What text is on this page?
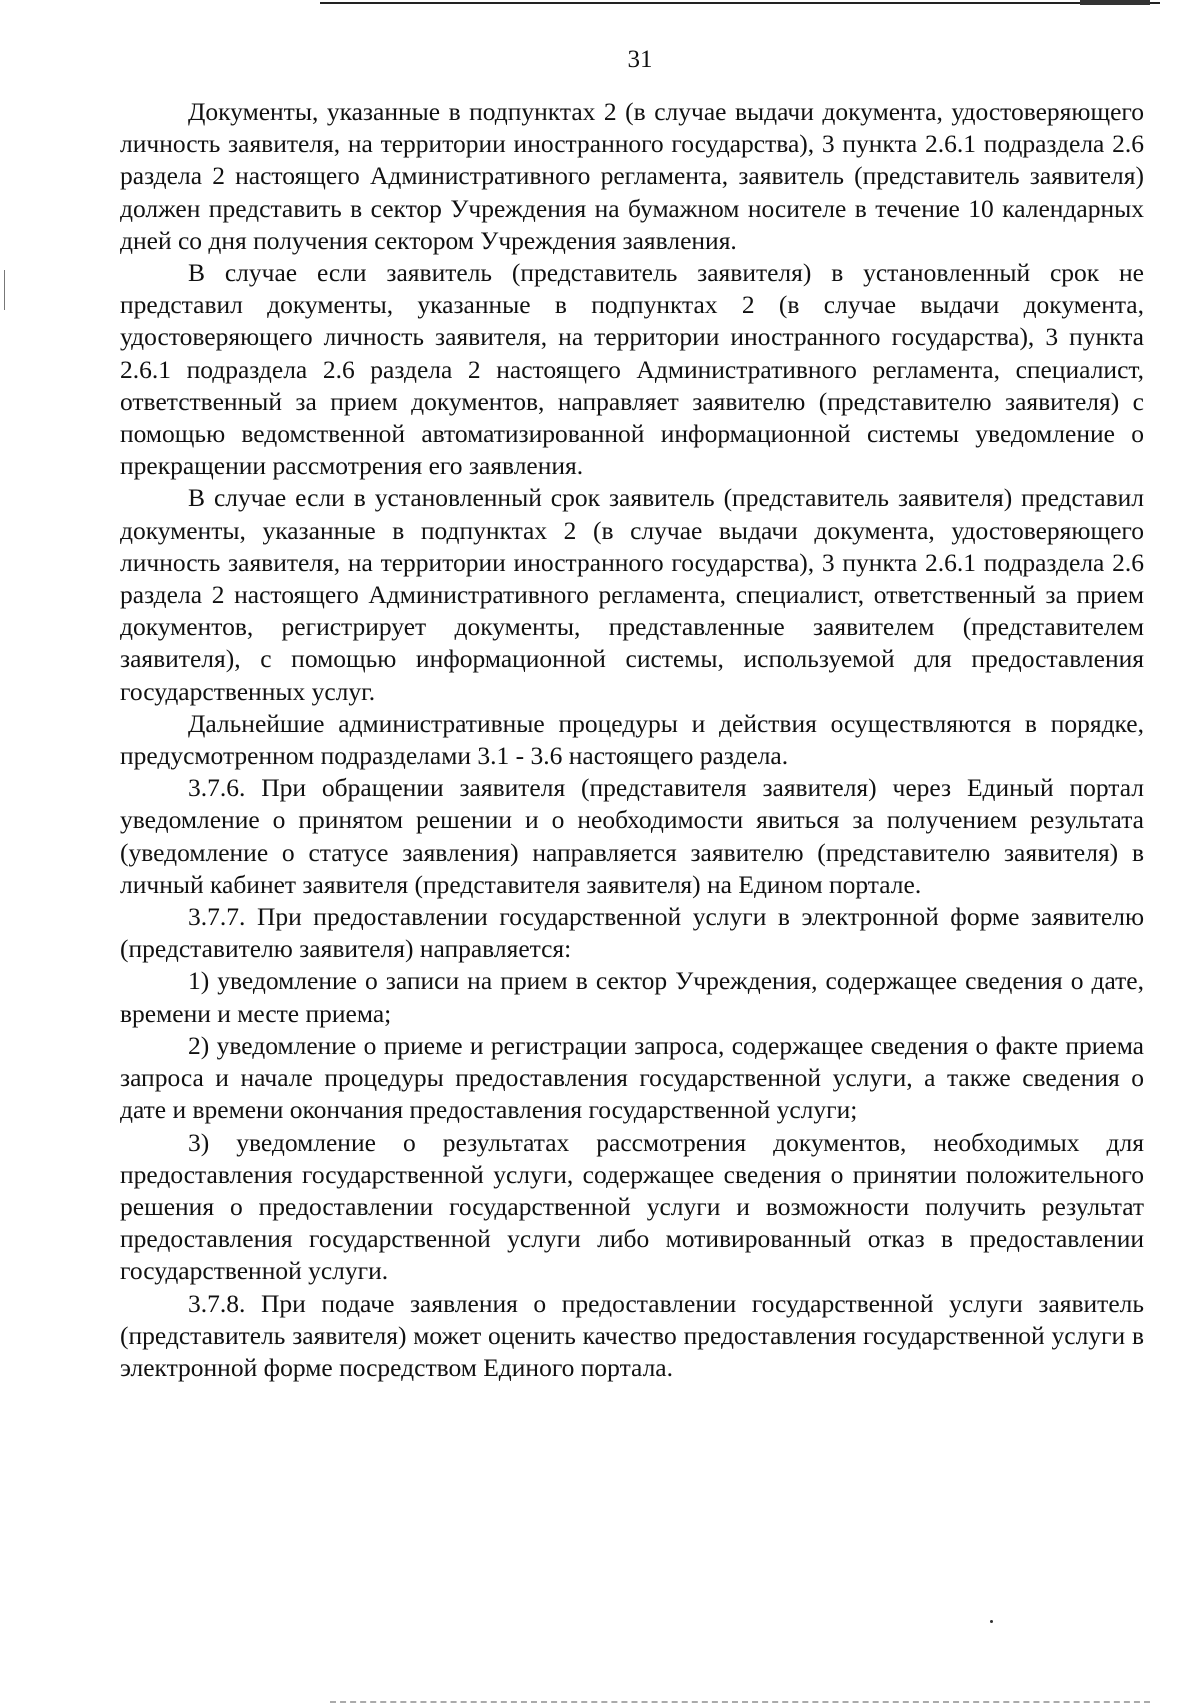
31

Документы, указанные в подпунктах 2 (в случае выдачи документа, удостоверяющего личность заявителя, на территории иностранного государства), 3 пункта 2.6.1 подраздела 2.6 раздела 2 настоящего Административного регламента, заявитель (представитель заявителя) должен представить в сектор Учреждения на бумажном носителе в течение 10 календарных дней со дня получения сектором Учреждения заявления.

В случае если заявитель (представитель заявителя) в установленный срок не представил документы, указанные в подпунктах 2 (в случае выдачи документа, удостоверяющего личность заявителя, на территории иностранного государства), 3 пункта 2.6.1 подраздела 2.6 раздела 2 настоящего Административного регламента, специалист, ответственный за прием документов, направляет заявителю (представителю заявителя) с помощью ведомственной автоматизированной информационной системы уведомление о прекращении рассмотрения его заявления.

В случае если в установленный срок заявитель (представитель заявителя) представил документы, указанные в подпунктах 2 (в случае выдачи документа, удостоверяющего личность заявителя, на территории иностранного государства), 3 пункта 2.6.1 подраздела 2.6 раздела 2 настоящего Административного регламента, специалист, ответственный за прием документов, регистрирует документы, представленные заявителем (представителем заявителя), с помощью информационной системы, используемой для предоставления государственных услуг.

Дальнейшие административные процедуры и действия осуществляются в порядке, предусмотренном подразделами 3.1 - 3.6 настоящего раздела.

3.7.6. При обращении заявителя (представителя заявителя) через Единый портал уведомление о принятом решении и о необходимости явиться за получением результата (уведомление о статусе заявления) направляется заявителю (представителю заявителя) в личный кабинет заявителя (представителя заявителя) на Едином портале.

3.7.7. При предоставлении государственной услуги в электронной форме заявителю (представителю заявителя) направляется:

1) уведомление о записи на прием в сектор Учреждения, содержащее сведения о дате, времени и месте приема;

2) уведомление о приеме и регистрации запроса, содержащее сведения о факте приема запроса и начале процедуры предоставления государственной услуги, а также сведения о дате и времени окончания предоставления государственной услуги;

3) уведомление о результатах рассмотрения документов, необходимых для предоставления государственной услуги, содержащее сведения о принятии положительного решения о предоставлении государственной услуги и возможности получить результат предоставления государственной услуги либо мотивированный отказ в предоставлении государственной услуги.

3.7.8. При подаче заявления о предоставлении государственной услуги заявитель (представитель заявителя) может оценить качество предоставления государственной услуги в электронной форме посредством Единого портала.
